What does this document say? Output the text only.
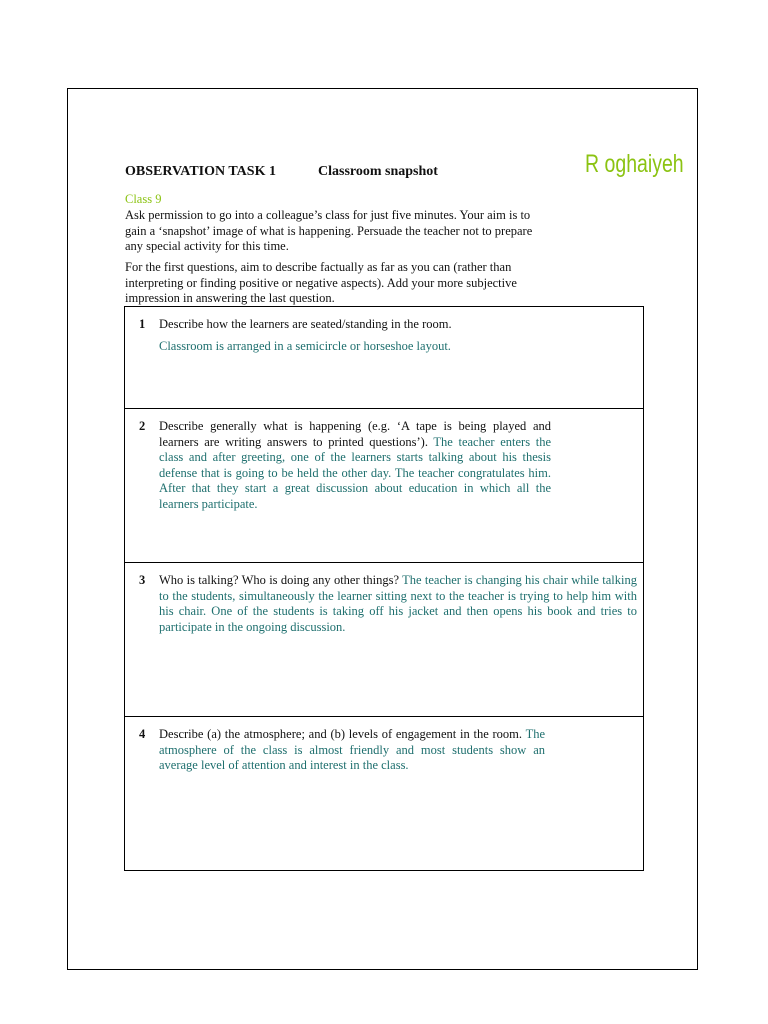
OBSERVATION TASK 1	Classroom snapshot	R oghaiyeh
Class 9
Ask permission to go into a colleague’s class for just five minutes. Your aim is to gain a ‘snapshot’ image of what is happening. Persuade the teacher not to prepare any special activity for this time.
For the first questions, aim to describe factually as far as you can (rather than interpreting or finding positive or negative aspects). Add your more subjective impression in answering the last question.
1 Describe how the learners are seated/standing in the room.
Classroom is arranged in a semicircle or horseshoe layout.

2 Describe generally what is happening (e.g. ‘A tape is being played and learners are writing answers to printed questions’). The teacher enters the class and after greeting, one of the learners starts talking about his thesis defense that is going to be held the other day. The teacher congratulates him. After that they start a great discussion about education in which all the learners participate.

3 Who is talking? Who is doing any other things? The teacher is changing his chair while talking to the students, simultaneously the learner sitting next to the teacher is trying to help him with his chair. One of the students is taking off his jacket and then opens his book and tries to participate in the ongoing discussion.

4 Describe (a) the atmosphere; and (b) levels of engagement in the room. The atmosphere of the class is almost friendly and most students show an average level of attention and interest in the class.
